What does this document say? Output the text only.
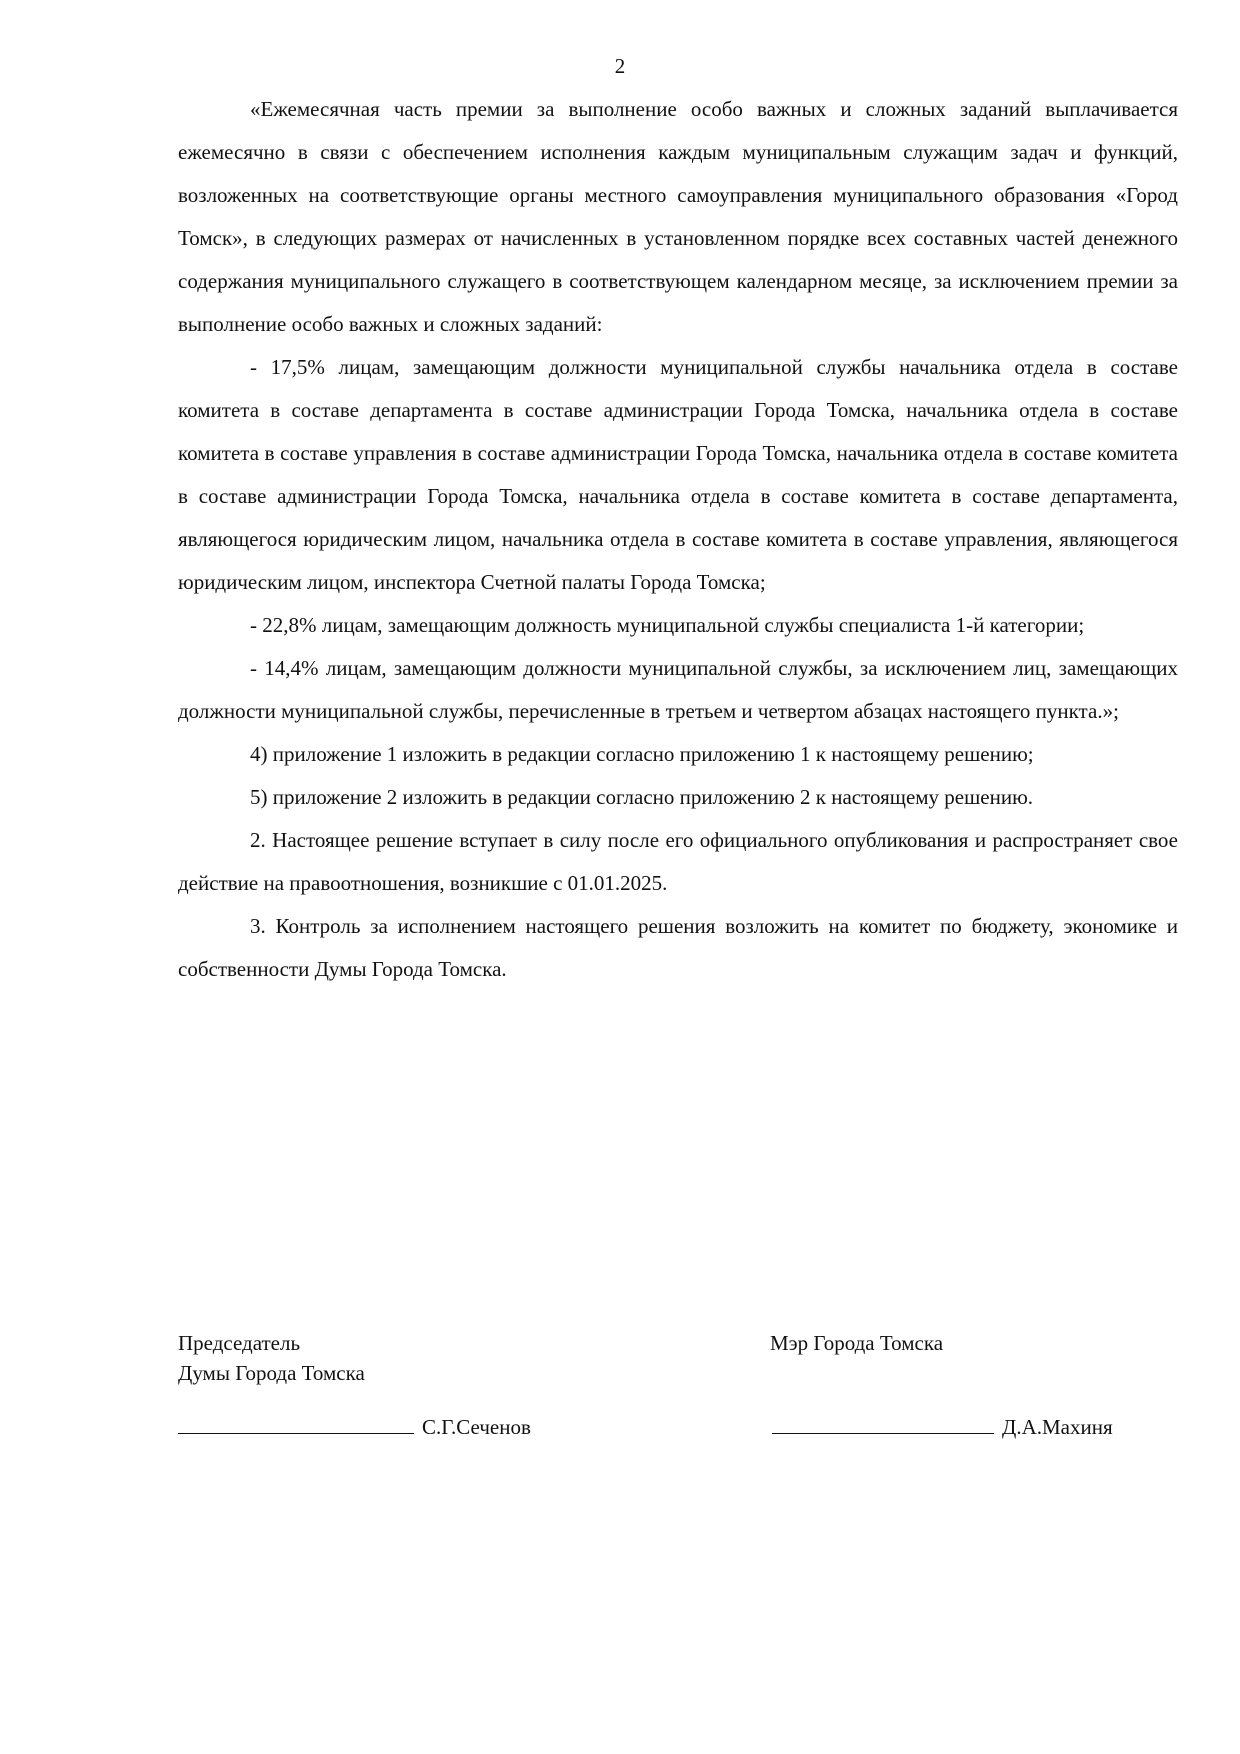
2

«Ежемесячная часть премии за выполнение особо важных и сложных заданий выплачивается ежемесячно в связи с обеспечением исполнения каждым муниципальным служащим задач и функций, возложенных на соответствующие органы местного самоуправления муниципального образования «Город Томск», в следующих размерах от начисленных в установленном порядке всех составных частей денежного содержания муниципального служащего в соответствующем календарном месяце, за исключением премии за выполнение особо важных и сложных заданий:

- 17,5% лицам, замещающим должности муниципальной службы начальника отдела в составе комитета в составе департамента в составе администрации Города Томска, начальника отдела в составе комитета в составе управления в составе администрации Города Томска, начальника отдела в составе комитета в составе администрации Города Томска, начальника отдела в составе комитета в составе департамента, являющегося юридическим лицом, начальника отдела в составе комитета в составе управления, являющегося юридическим лицом, инспектора Счетной палаты Города Томска;

- 22,8% лицам, замещающим должность муниципальной службы специалиста 1-й категории;

- 14,4% лицам, замещающим должности муниципальной службы, за исключением лиц, замещающих должности муниципальной службы, перечисленные в третьем и четвертом абзацах настоящего пункта.»;

4) приложение 1 изложить в редакции согласно приложению 1 к настоящему решению;

5) приложение 2 изложить в редакции согласно приложению 2 к настоящему решению.

2. Настоящее решение вступает в силу после его официального опубликования и распространяет свое действие на правоотношения, возникшие с 01.01.2025.

3. Контроль за исполнением настоящего решения возложить на комитет по бюджету, экономике и собственности Думы Города Томска.

Председатель
Думы Города Томска
Мэр Города Томска
С.Г.Сеченов	Д.А.Махиня
